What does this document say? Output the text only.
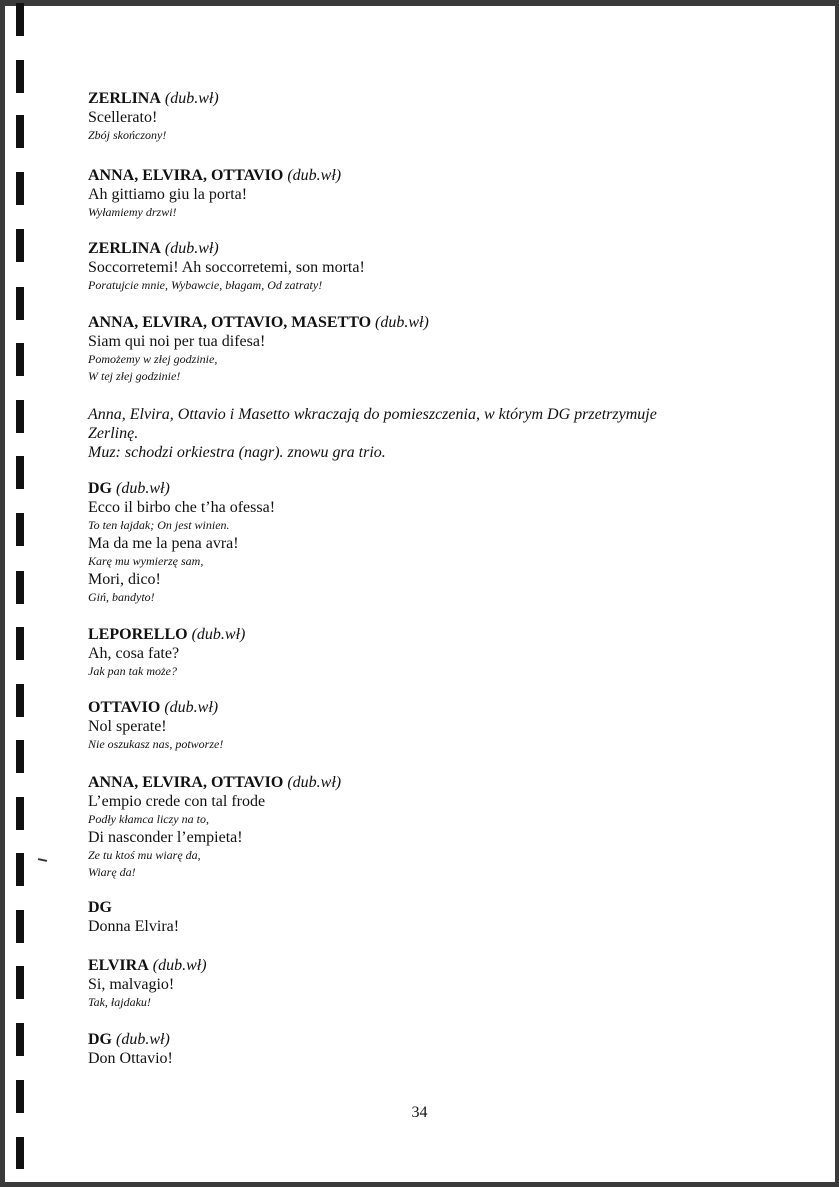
ZERLINA (dub.wł)
Scellerato!
Zbój skończony!
ANNA, ELVIRA, OTTAVIO (dub.wł)
Ah gittiamo giu la porta!
Wyłamiemy drzwi!
ZERLINA (dub.wł)
Soccorretemi! Ah soccorretemi, son morta!
Poratujcie mnie, Wybawcie, błagam, Od zatraty!
ANNA, ELVIRA, OTTAVIO, MASETTO (dub.wł)
Siam qui noi per tua difesa!
Pomożemy w złej godzinie,
W tej złej godzinie!
Anna, Elvira, Ottavio i Masetto wkraczają do pomieszczenia, w którym DG przetrzymuje
Zerlinę.
Muz: schodzi orkiestra (nagr). znowu gra trio.
DG (dub.wł)
Ecco il birbo che t’ha ofessa!
To ten łajdak; On jest winien.
Ma da me la pena avra!
Karę mu wymierzę sam,
Mori, dico!
Giń, bandyto!
LEPORELLO (dub.wł)
Ah, cosa fate?
Jak pan tak może?
OTTAVIO (dub.wł)
Nol sperate!
Nie oszukasz nas, potworze!
ANNA, ELVIRA, OTTAVIO (dub.wł)
L’empio crede con tal frode
Podły kłamca liczy na to,
Di nasconder l’empieta!
Ze tu ktoś mu wiarę da,
Wiarę da!
DG
Donna Elvira!
ELVIRA (dub.wł)
Si, malvagio!
Tak, łajdaku!
DG (dub.wł)
Don Ottavio!
34
